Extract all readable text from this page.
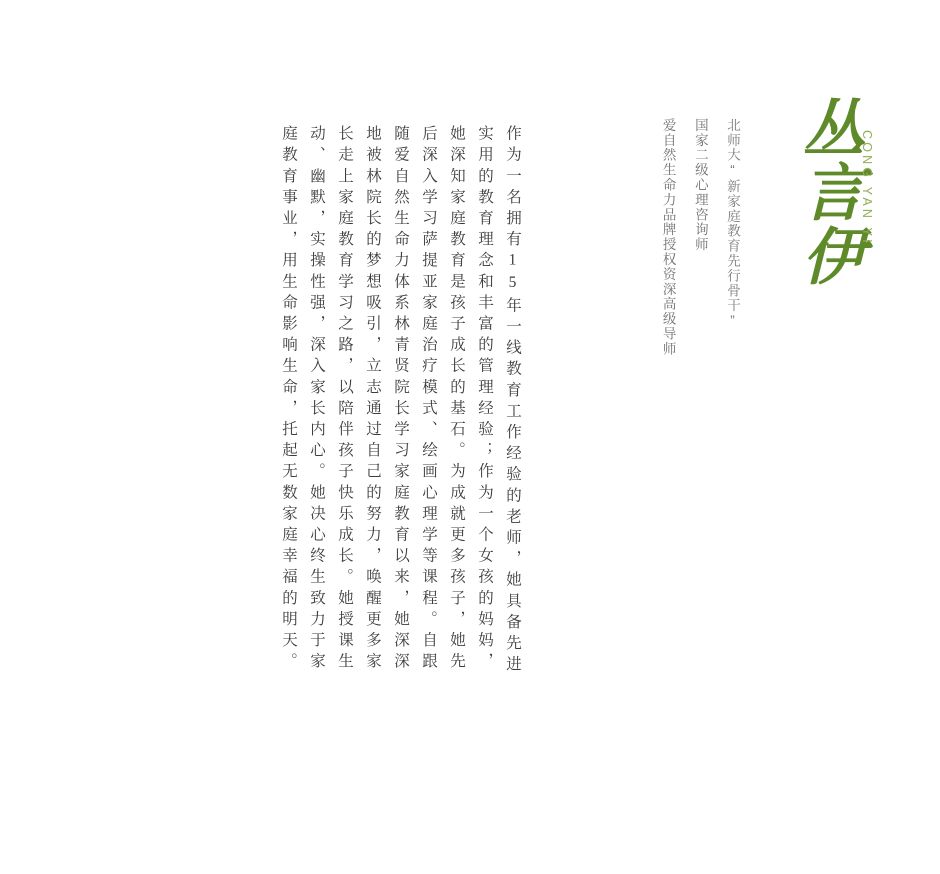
丛言伊 CONG YAN YI
爱自然生命力品牌授权资深高级导师 国家二级心理咨询师 北师大“新家庭教育先行骨干”
作为一名拥有15年一线教育工作经验的老师，她具备先进
实用的教育理念和丰富的管理经验；作为一个女孩的妈妈，
她深知家庭教育是孩子成长的基石。为成就更多孩子，她先
后深入学习萨提亚家庭治疗模式、绘画心理学等课程。自跟
随爱自然生命力体系林青贤院长学习家庭教育以来，她深深
地被林院长的梦想吸引，立志通过自己的努力，唤醒更多家
长走上家庭教育学习之路，以陪伴孩子快乐成长。她授课生
动、幽默，实操性强，深入家长内心。她决心终生致力于家
庭教育事业，用生命影响生命，托起无数家庭幸福的明天。
